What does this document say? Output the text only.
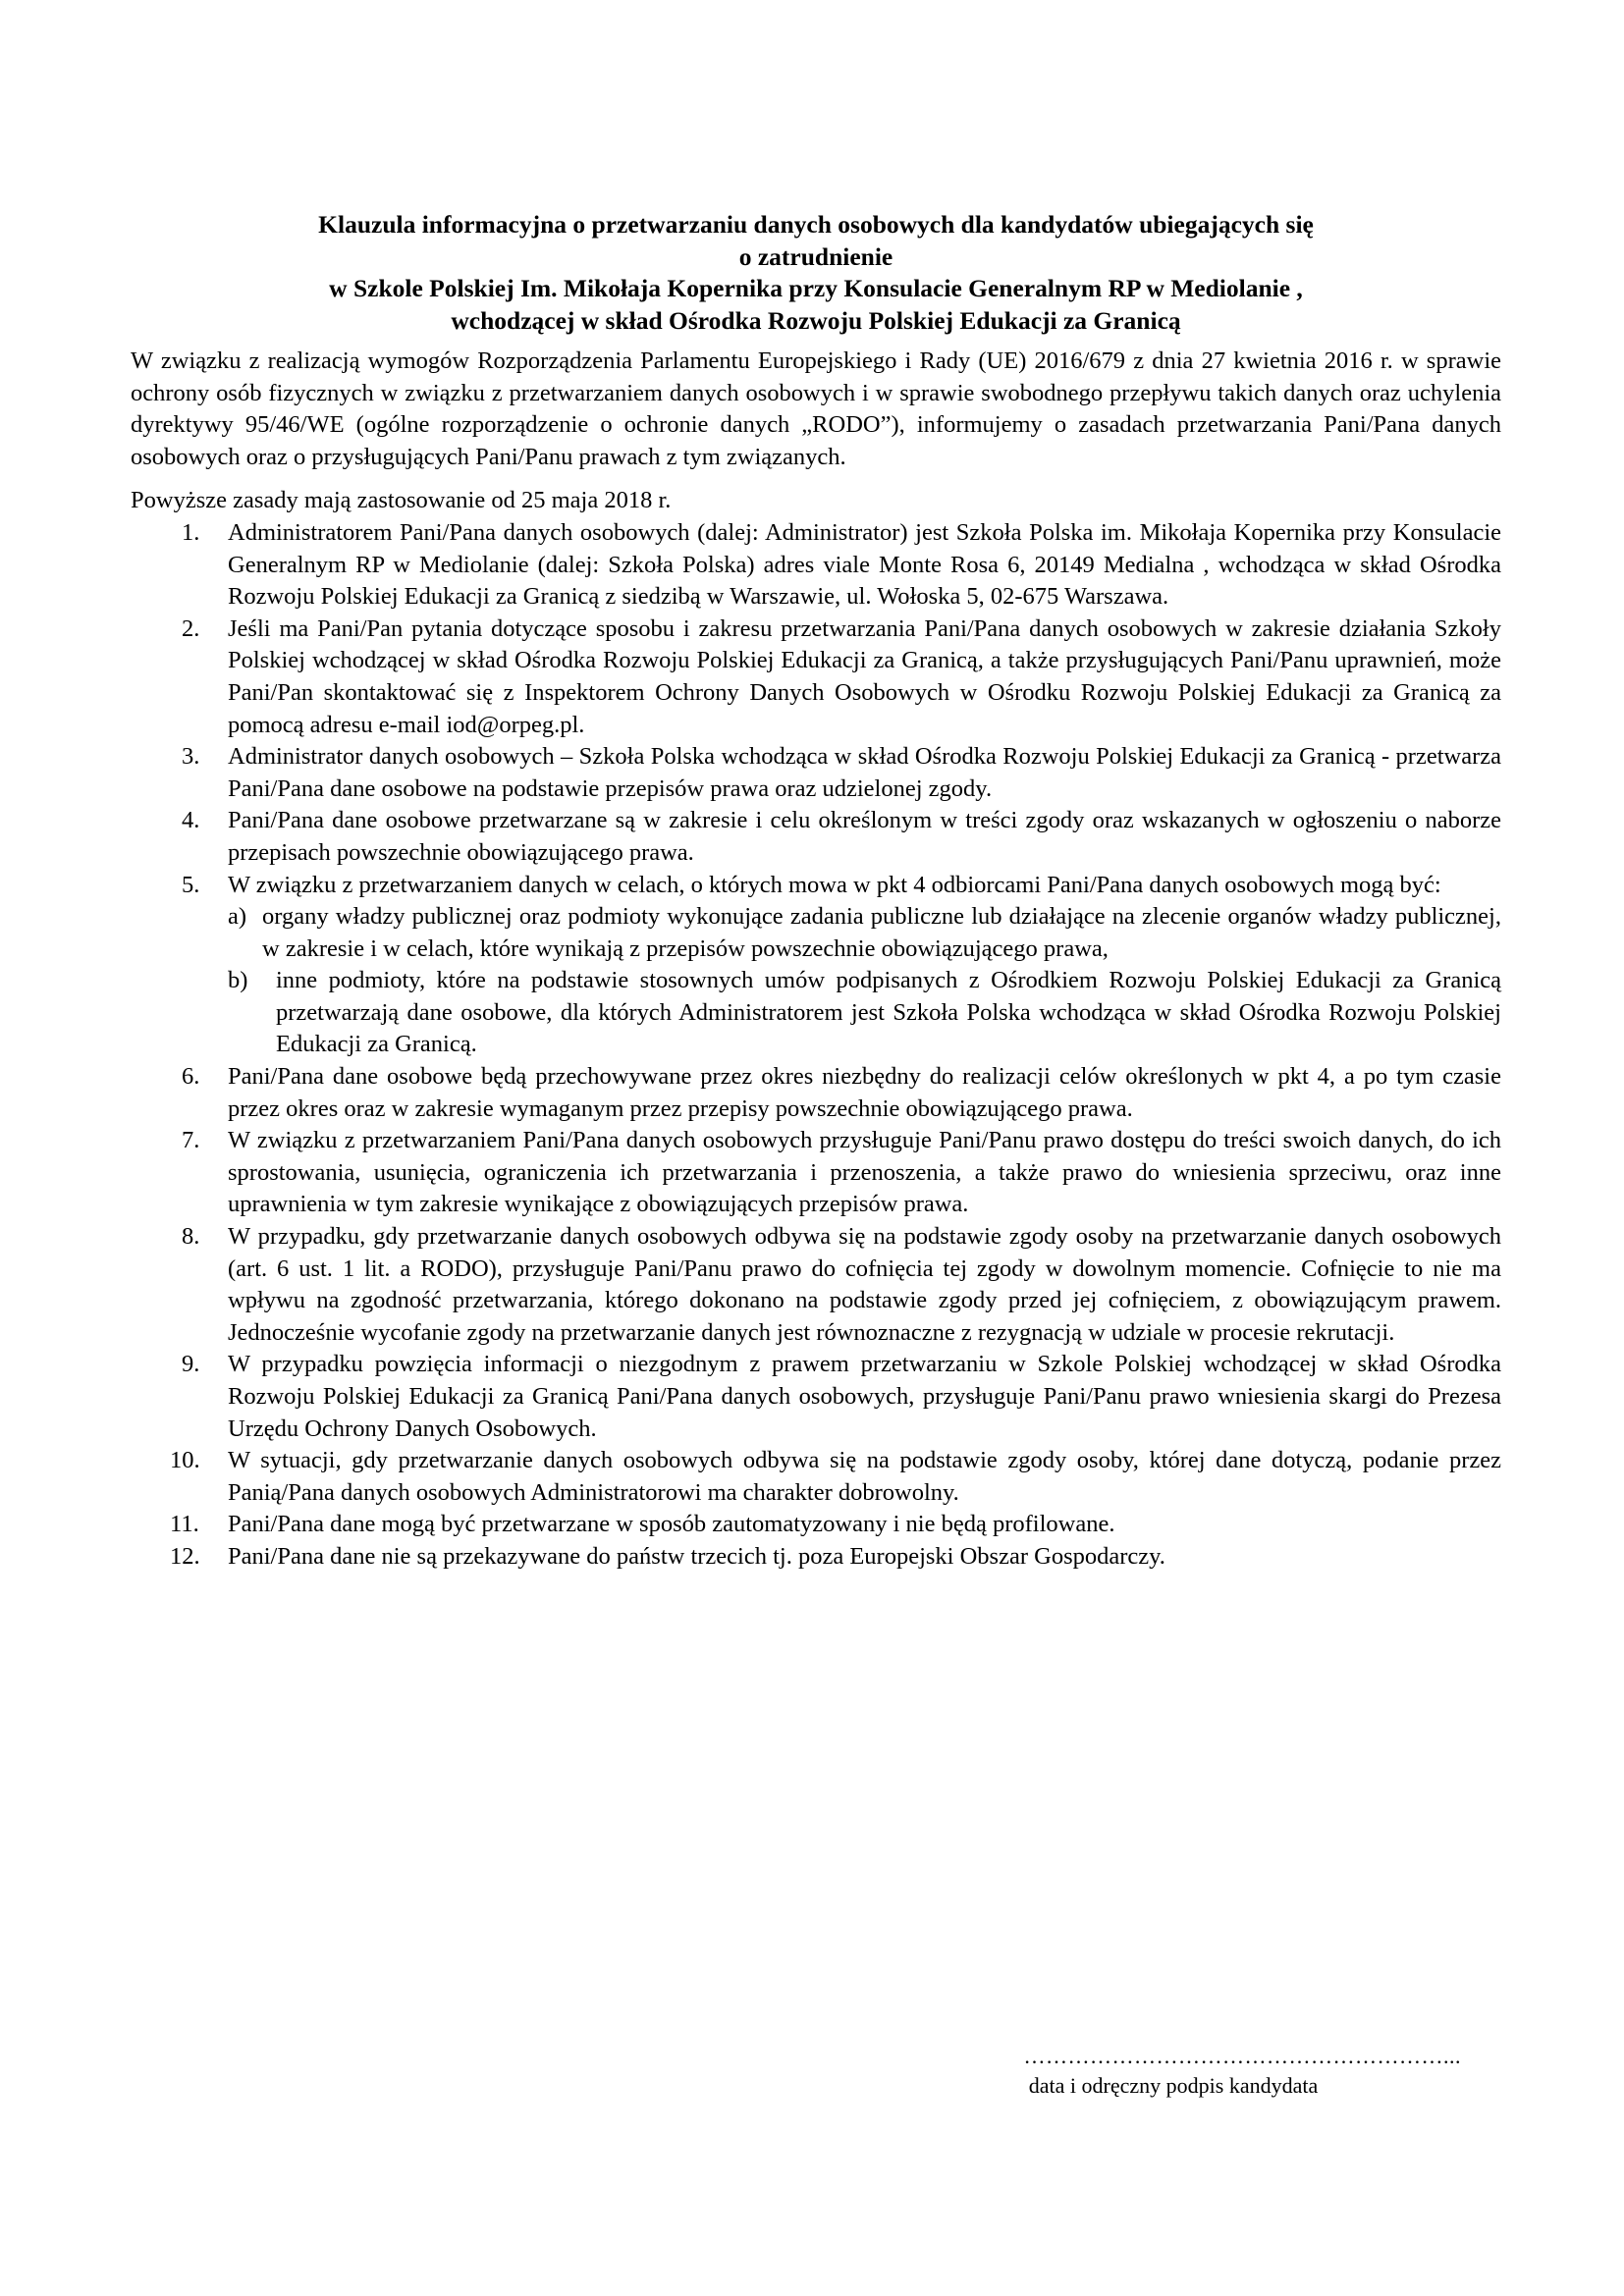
Klauzula informacyjna o przetwarzaniu danych osobowych dla kandydatów ubiegających się
o zatrudnienie
w Szkole Polskiej Im. Mikołaja Kopernika przy Konsulacie Generalnym RP w Mediolanie ,
wchodzącej w skład Ośrodka Rozwoju Polskiej Edukacji za Granicą

W związku z realizacją wymogów Rozporządzenia Parlamentu Europejskiego i Rady (UE) 2016/679 z dnia 27 kwietnia 2016 r. w sprawie ochrony osób fizycznych w związku z przetwarzaniem danych osobowych i w sprawie swobodnego przepływu takich danych oraz uchylenia dyrektywy 95/46/WE (ogólne rozporządzenie o ochronie danych „RODO”), informujemy o zasadach przetwarzania Pani/Pana danych osobowych oraz o przysługujących Pani/Panu prawach z tym związanych.

Powyższe zasady mają zastosowanie od 25 maja 2018 r.

1. Administratorem Pani/Pana danych osobowych (dalej: Administrator) jest Szkoła Polska im. Mikołaja Kopernika przy Konsulacie Generalnym RP w Mediolanie (dalej: Szkoła Polska) adres viale Monte Rosa 6, 20149 Medialna , wchodząca w skład Ośrodka Rozwoju Polskiej Edukacji za Granicą z siedzibą w Warszawie, ul. Wołoska 5, 02-675 Warszawa.
2. Jeśli ma Pani/Pan pytania dotyczące sposobu i zakresu przetwarzania Pani/Pana danych osobowych w zakresie działania Szkoły Polskiej wchodzącej w skład Ośrodka Rozwoju Polskiej Edukacji za Granicą, a także przysługujących Pani/Panu uprawnień, może Pani/Pan skontaktować się z Inspektorem Ochrony Danych Osobowych w Ośrodku Rozwoju Polskiej Edukacji za Granicą za pomocą adresu e-mail iod@orpeg.pl.
3. Administrator danych osobowych – Szkoła Polska wchodząca w skład Ośrodka Rozwoju Polskiej Edukacji za Granicą - przetwarza Pani/Pana dane osobowe na podstawie przepisów prawa oraz udzielonej zgody.
4. Pani/Pana dane osobowe przetwarzane są w zakresie i celu określonym w treści zgody oraz wskazanych w ogłoszeniu o naborze przepisach powszechnie obowiązującego prawa.
5. W związku z przetwarzaniem danych w celach, o których mowa w pkt 4 odbiorcami Pani/Pana danych osobowych mogą być:
a) organy władzy publicznej oraz podmioty wykonujące zadania publiczne lub działające na zlecenie organów władzy publicznej, w zakresie i w celach, które wynikają z przepisów powszechnie obowiązującego prawa,
b) inne podmioty, które na podstawie stosownych umów podpisanych z Ośrodkiem Rozwoju Polskiej Edukacji za Granicą przetwarzają dane osobowe, dla których Administratorem jest Szkoła Polska wchodząca w skład Ośrodka Rozwoju Polskiej Edukacji za Granicą.
6. Pani/Pana dane osobowe będą przechowywane przez okres niezbędny do realizacji celów określonych w pkt 4, a po tym czasie przez okres oraz w zakresie wymaganym przez przepisy powszechnie obowiązującego prawa.
7. W związku z przetwarzaniem Pani/Pana danych osobowych przysługuje Pani/Panu prawo dostępu do treści swoich danych, do ich sprostowania, usunięcia, ograniczenia ich przetwarzania i przenoszenia, a także prawo do wniesienia sprzeciwu, oraz inne uprawnienia w tym zakresie wynikające z obowiązujących przepisów prawa.
8. W przypadku, gdy przetwarzanie danych osobowych odbywa się na podstawie zgody osoby na przetwarzanie danych osobowych (art. 6 ust. 1 lit. a RODO), przysługuje Pani/Panu prawo do cofnięcia tej zgody w dowolnym momencie. Cofnięcie to nie ma wpływu na zgodność przetwarzania, którego dokonano na podstawie zgody przed jej cofnięciem, z obowiązującym prawem. Jednocześnie wycofanie zgody na przetwarzanie danych jest równoznaczne z rezygnacją w udziale w procesie rekrutacji.
9. W przypadku powzięcia informacji o niezgodnym z prawem przetwarzaniu w Szkole Polskiej wchodzącej w skład Ośrodka Rozwoju Polskiej Edukacji za Granicą Pani/Pana danych osobowych, przysługuje Pani/Panu prawo wniesienia skargi do Prezesa Urzędu Ochrony Danych Osobowych.
10. W sytuacji, gdy przetwarzanie danych osobowych odbywa się na podstawie zgody osoby, której dane dotyczą, podanie przez Panią/Pana danych osobowych Administratorowi ma charakter dobrowolny.
11. Pani/Pana dane mogą być przetwarzane w sposób zautomatyzowany i nie będą profilowane.
12. Pani/Pana dane nie są przekazywane do państw trzecich tj. poza Europejski Obszar Gospodarczy.
…………………………………………………...
data i odręczny podpis kandydata
